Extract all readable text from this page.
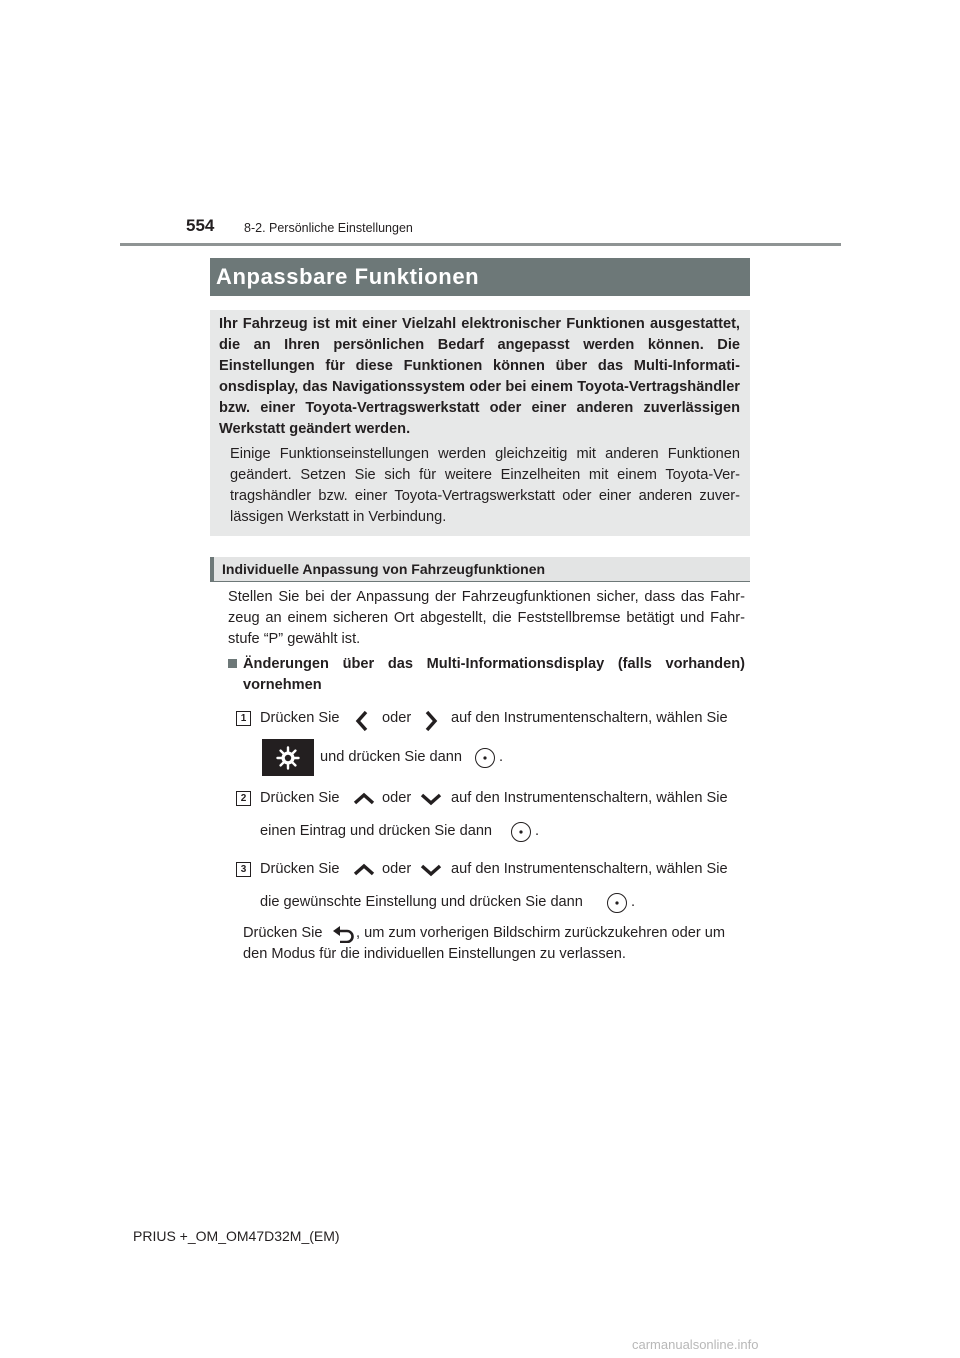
554 8-2. Persönliche Einstellungen
Anpassbare Funktionen
Ihr Fahrzeug ist mit einer Vielzahl elektronischer Funktionen ausgestattet, die an Ihren persönlichen Bedarf angepasst werden können. Die Einstellungen für diese Funktionen können über das Multi-Informationsdisplay, das Navigationssystem oder bei einem Toyota-Vertragshändler bzw. einer Toyota-Vertragswerkstatt oder einer anderen zuverlässigen Werkstatt geändert werden.
Einige Funktionseinstellungen werden gleichzeitig mit anderen Funktionen geändert. Setzen Sie sich für weitere Einzelheiten mit einem Toyota-Vertragshändler bzw. einer Toyota-Vertragswerkstatt oder einer anderen zuverlässigen Werkstatt in Verbindung.
Individuelle Anpassung von Fahrzeugfunktionen
Stellen Sie bei der Anpassung der Fahrzeugfunktionen sicher, dass das Fahrzeug an einem sicheren Ort abgestellt, die Feststellbremse betätigt und Fahrstufe “P” gewählt ist.
Änderungen über das Multi-Informationsdisplay (falls vorhanden) vornehmen
1 Drücken Sie	oder	auf den Instrumentenschaltern, wählen Sie
und drücken Sie dann	.
2 Drücken Sie	oder	auf den Instrumentenschaltern, wählen Sie
einen Eintrag und drücken Sie dann	.
3 Drücken Sie	oder	auf den Instrumentenschaltern, wählen Sie
die gewünschte Einstellung und drücken Sie dann	.
Drücken Sie , um zum vorherigen Bildschirm zurückzukehren oder um
den Modus für die individuellen Einstellungen zu verlassen.
PRIUS +_OM_OM47D32M_(EM)
carmanualsonline.info
